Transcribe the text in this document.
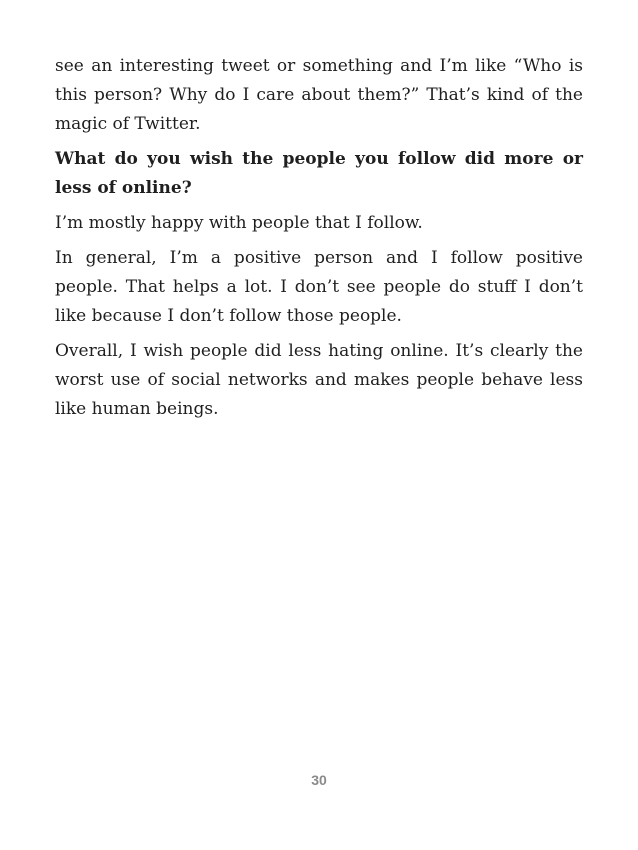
see an interesting tweet or something and I’m like “Who is this person? Why do I care about them?” That’s kind of the magic of Twitter.

What do you wish the people you follow did more or less of online?

I’m mostly happy with people that I follow.

In general, I’m a positive person and I follow positive people. That helps a lot. I don’t see people do stuff I don’t like because I don’t follow those people.

Overall, I wish people did less hating online. It’s clearly the worst use of social networks and makes people behave less like human beings.

30
